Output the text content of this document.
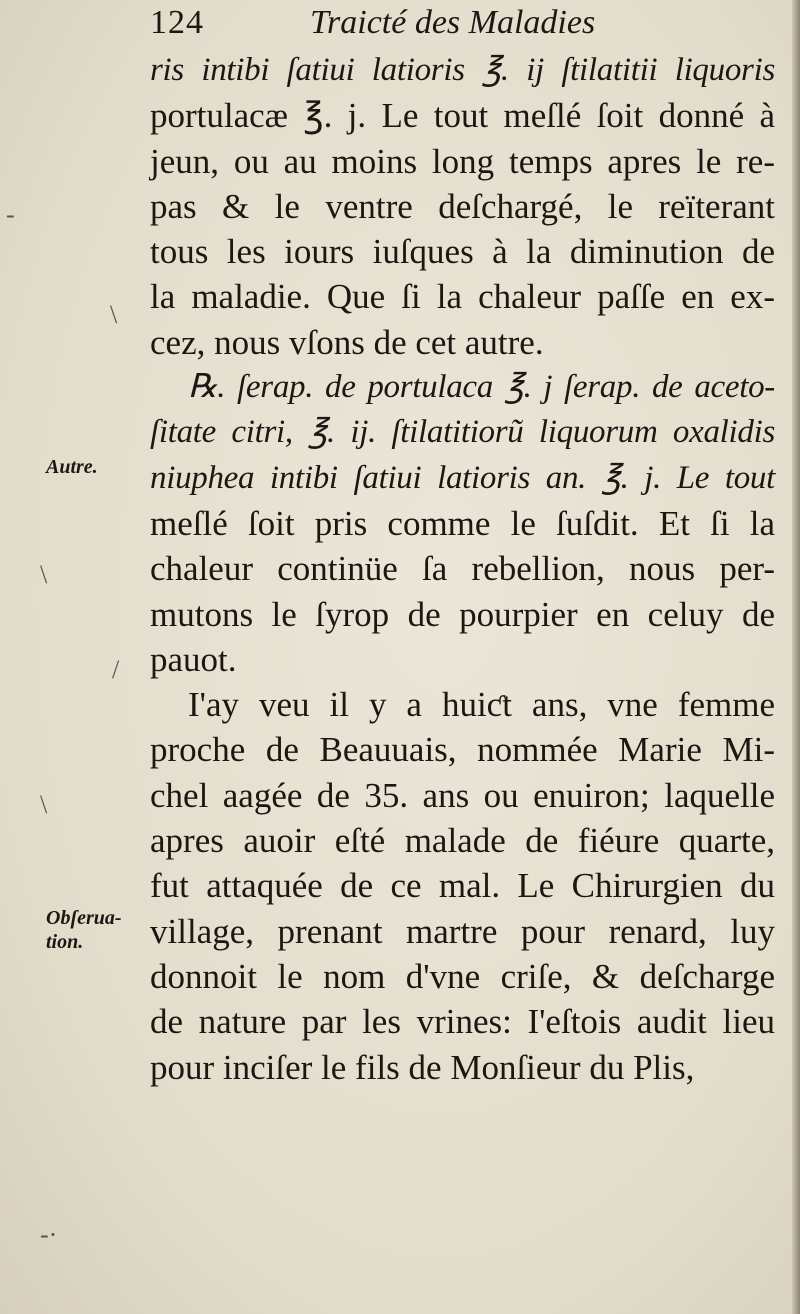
124	Traicté des Maladies
Autre.
Obſerua-
tion.
-
\
\
/
\
-·
ris intibi ſatiui latioris ℥. ij ſtilatitii liquoris
portulacæ ℥. j. Le tout meſlé ſoit donné à
jeun, ou au moins long temps apres le re-
pas & le ventre deſchargé, le reïterant
tous les iours iuſques à la diminution de
la maladie. Que ſi la chaleur paſſe en ex-
cez, nous vſons de cet autre.
℞. ſerap. de portulaca ℥. j ſerap. de aceto-
ſitate citri, ℥. ij. ſtilatitiorũ liquorum oxalidis
niuphea intibi ſatiui latioris an. ℥. j. Le tout
meſlé ſoit pris comme le ſuſdit. Et ſi la
chaleur continüe ſa rebellion, nous per-
mutons le ſyrop de pourpier en celuy de
pauot.
I'ay veu il y a huiƈt ans, vne femme
proche de Beauuais, nommée Marie Mi-
chel aagée de 35. ans ou enuiron; laquelle
apres auoir eſté malade de fiéure quarte,
fut attaquée de ce mal. Le Chirurgien du
village, prenant martre pour renard, luy
donnoit le nom d'vne criſe, & deſcharge
de nature par les vrines: I'eſtois audit lieu
pour inciſer le fils de Monſieur du Plis,
